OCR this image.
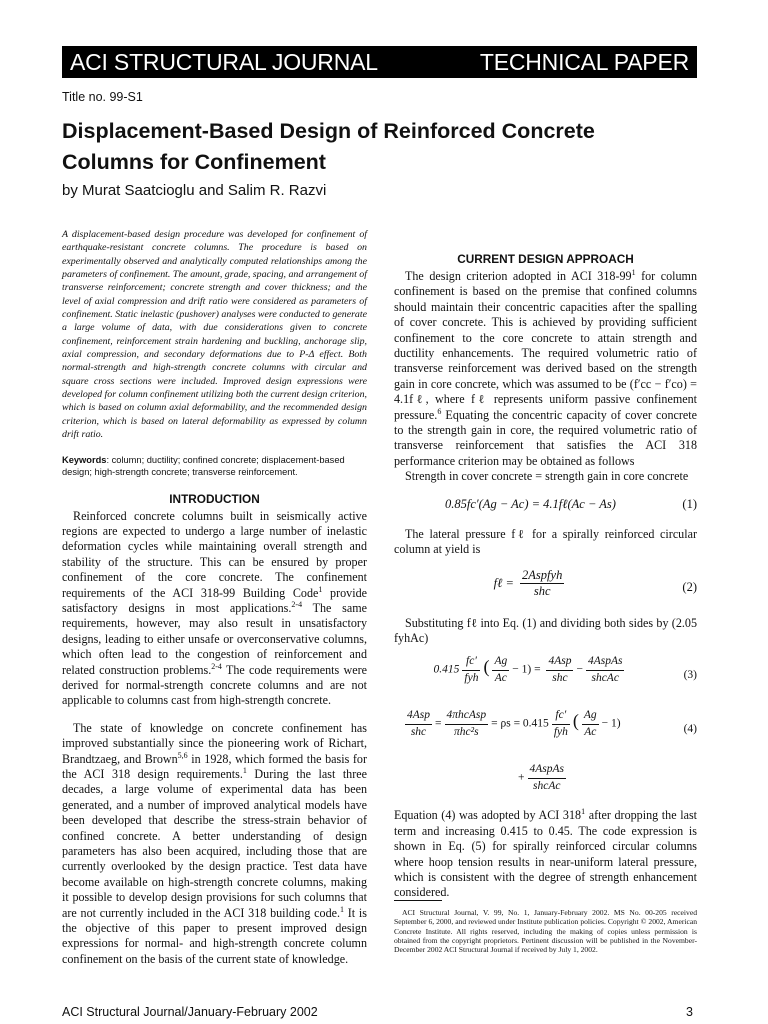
ACI STRUCTURAL JOURNAL	TECHNICAL PAPER
Title no. 99-S1
Displacement-Based Design of Reinforced Concrete Columns for Confinement
by Murat Saatcioglu and Salim R. Razvi

A displacement-based design procedure was developed for confinement of earthquake-resistant concrete columns. The procedure is based on experimentally observed and analytically computed relationships among the parameters of confinement. The amount, grade, spacing, and arrangement of transverse reinforcement; concrete strength and cover thickness; and the level of axial compression and drift ratio were considered as parameters of confinement. Static inelastic (pushover) analyses were conducted to generate a large volume of data, with due considerations given to concrete confinement, reinforcement strain hardening and buckling, anchorage slip, axial compression, and secondary deformations due to P-Δ effect. Both normal-strength and high-strength concrete columns with circular and square cross sections were included. Improved design expressions were developed for column confinement utilizing both the current design criterion, which is based on column axial deformability, and the recommended design criterion, which is based on lateral deformability as expressed by column drift ratio.

Keywords: column; ductility; confined concrete; displacement-based design; high-strength concrete; transverse reinforcement.

INTRODUCTION

Reinforced concrete columns built in seismically active regions are expected to undergo a large number of inelastic deformation cycles while maintaining overall strength and stability of the structure. This can be ensured by proper confinement of the core concrete. The confinement requirements of the ACI 318-99 Building Code$^1$ provide satisfactory designs in most applications.$^{2-4}$ The same requirements, however, may also result in unsatisfactory designs, leading to either unsafe or overconservative columns, which often lead to the congestion of reinforcement and related construction problems.$^{2-4}$ The code requirements were derived for normal-strength concrete columns and are not applicable to columns cast from high-strength concrete.

The state of knowledge on concrete confinement has improved substantially since the pioneering work of Richart, Brandtzaeg, and Brown$^{5,6}$ in 1928, which formed the basis for the ACI 318 design requirements.$^1$ During the last three decades, a large volume of experimental data has been generated, and a number of improved analytical models have been developed that describe the stress-strain behavior of confined concrete. A better understanding of design parameters has also been acquired, including those that are currently overlooked by the design practice. Test data have become available on high-strength concrete columns, making it possible to develop design provisions for such columns that are not currently included in the ACI 318 building code.$^1$ It is the objective of this paper to present improved design expressions for normal- and high-strength concrete column confinement on the basis of the current state of knowledge.

CURRENT DESIGN APPROACH

The design criterion adopted in ACI $318-99^1$ for column confinement is based on the premise that confined columns should maintain their concentric capacities after the spalling of cover concrete. This is achieved by providing sufficient confinement to the core concrete to attain strength and ductility enhancements. The required volumetric ratio of transverse reinforcement was derived based on the strength gain in core concrete, which was assumed to be (f′cc − f′co) = 4.1fℓ, where fℓ represents uniform passive confinement pressure.$^6$ Equating the concentric capacity of cover concrete to the strength gain in core, the required volumetric ratio of transverse reinforcement that satisfies the ACI 318 performance criterion may be obtained as follows

Strength in cover concrete = strength gain in core concrete

0.85fc′(Ag − Ac) = 4.1fℓ(Ac − As)	(1)

The lateral pressure fℓ for a spirally reinforced circular column at yield is

fℓ = $\frac{\text{2Aspfyh}}{\text{shc}}$	(2)

Substituting fℓ into Eq. (1) and dividing both sides by (2.05 fyhAc)

$0.415 \frac{fc'}{\text{fyh}}$ ( $\frac{Ag}{Ac} - 1) = \frac{\text{4Asp}}{\text{shc}} - \frac{\text{4AspAs}}{\text{shcAc}}$	(3)
$\frac{\text{4Asp}}{\text{shc}} = \frac{\text{4πhcAsp}}{\text{πhc²s}} = \rho s = 0.415 \frac{fc'}{\text{fyh}}$ ( $\frac{Ag}{Ac} - 1$)	(4)
+ $\frac{\text{4AspAs}}{\text{shcAc}}$

Equation (4) was adopted by ACI $318^1$ after dropping the last term and increasing 0.415 to 0.45. The code expression is shown in Eq. (5) for spirally reinforced circular columns where hoop tension results in near-uniform lateral pressure, which is consistent with the degree of strength enhancement considered.

ACI Structural Journal, V. 99, No. 1, January-February 2002. MS No. 00-205 received September 6, 2000, and reviewed under Institute publication policies. Copyright © 2002, American Concrete Institute. All rights reserved, including the making of copies unless permission is obtained from the copyright proprietors. Pertinent discussion will be published in the November-December 2002 ACI Structural Journal if received by July 1, 2002.
ACI Structural Journal/January-February 2002	3
